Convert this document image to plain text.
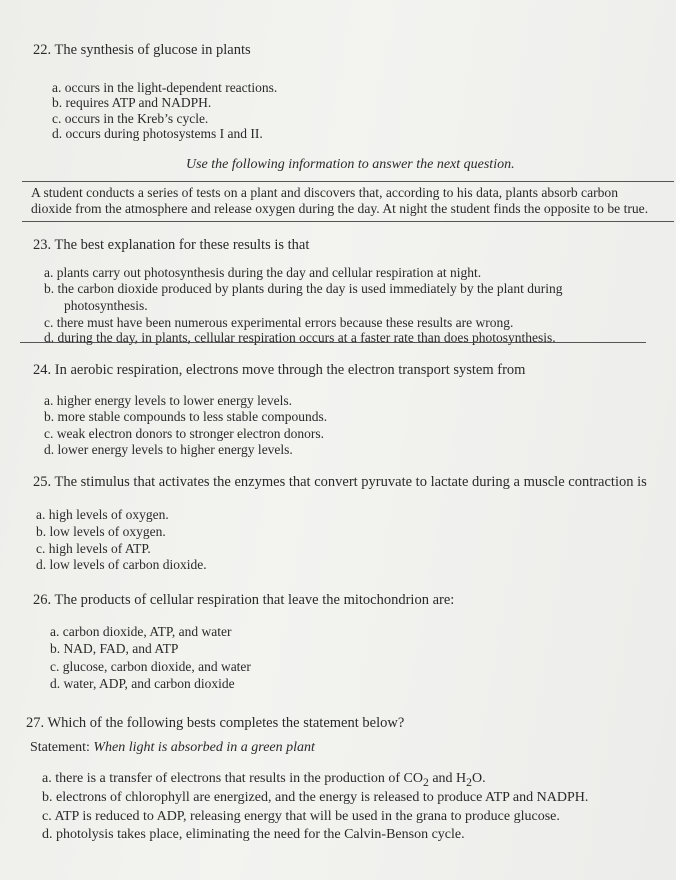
22. The synthesis of glucose in plants
a. occurs in the light-dependent reactions.
b. requires ATP and NADPH.
c. occurs in the Kreb’s cycle.
d. occurs during photosystems I and II.
Use the following information to answer the next question.
A student conducts a series of tests on a plant and discovers that, according to his data, plants absorb carbon
dioxide from the atmosphere and release oxygen during the day. At night the student finds the opposite to be true.
23. The best explanation for these results is that
a. plants carry out photosynthesis during the day and cellular respiration at night.
b. the carbon dioxide produced by plants during the day is used immediately by the plant during
photosynthesis.
c. there must have been numerous experimental errors because these results are wrong.
d. during the day, in plants, cellular respiration occurs at a faster rate than does photosynthesis.
24. In aerobic respiration, electrons move through the electron transport system from
a. higher energy levels to lower energy levels.
b. more stable compounds to less stable compounds.
c. weak electron donors to stronger electron donors.
d. lower energy levels to higher energy levels.
25. The stimulus that activates the enzymes that convert pyruvate to lactate during a muscle contraction is
a. high levels of oxygen.
b. low levels of oxygen.
c. high levels of ATP.
d. low levels of carbon dioxide.
26. The products of cellular respiration that leave the mitochondrion are:
a. carbon dioxide, ATP, and water
b. NAD, FAD, and ATP
c. glucose, carbon dioxide, and water
d. water, ADP, and carbon dioxide
27. Which of the following bests completes the statement below?
Statement: When light is absorbed in a green plant
a. there is a transfer of electrons that results in the production of $CO_2$ and $H_2O$.
b. electrons of chlorophyll are energized, and the energy is released to produce ATP and NADPH.
c. ATP is reduced to ADP, releasing energy that will be used in the grana to produce glucose.
d. photolysis takes place, eliminating the need for the Calvin-Benson cycle.
